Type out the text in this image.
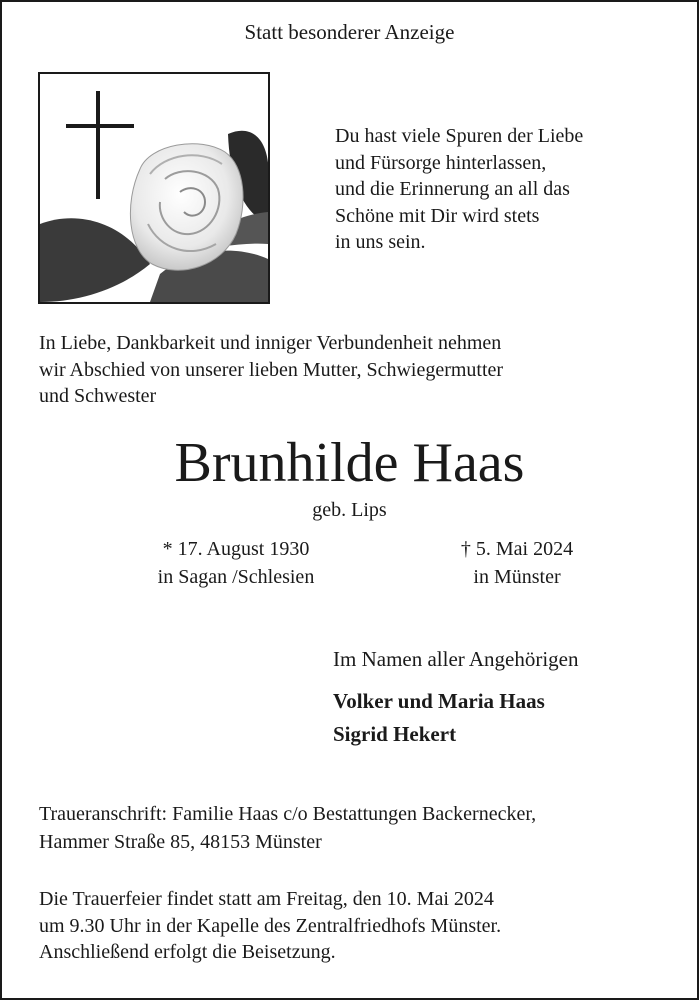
Statt besonderer Anzeige
Du hast viele Spuren der Liebe
und Fürsorge hinterlassen,
und die Erinnerung an all das
Schöne mit Dir wird stets
in uns sein.
In Liebe, Dankbarkeit und inniger Verbundenheit nehmen
wir Abschied von unserer lieben Mutter, Schwiegermutter
und Schwester
Brunhilde Haas
geb. Lips
* 17. August 1930
in Sagan /Schlesien
† 5. Mai 2024
in Münster
Im Namen aller Angehörigen
Volker und Maria Haas
Sigrid Hekert
Traueranschrift: Familie Haas c/o Bestattungen Backernecker,
Hammer Straße 85, 48153 Münster
Die Trauerfeier findet statt am Freitag, den 10. Mai 2024
um 9.30 Uhr in der Kapelle des Zentralfriedhofs Münster.
Anschließend erfolgt die Beisetzung.
